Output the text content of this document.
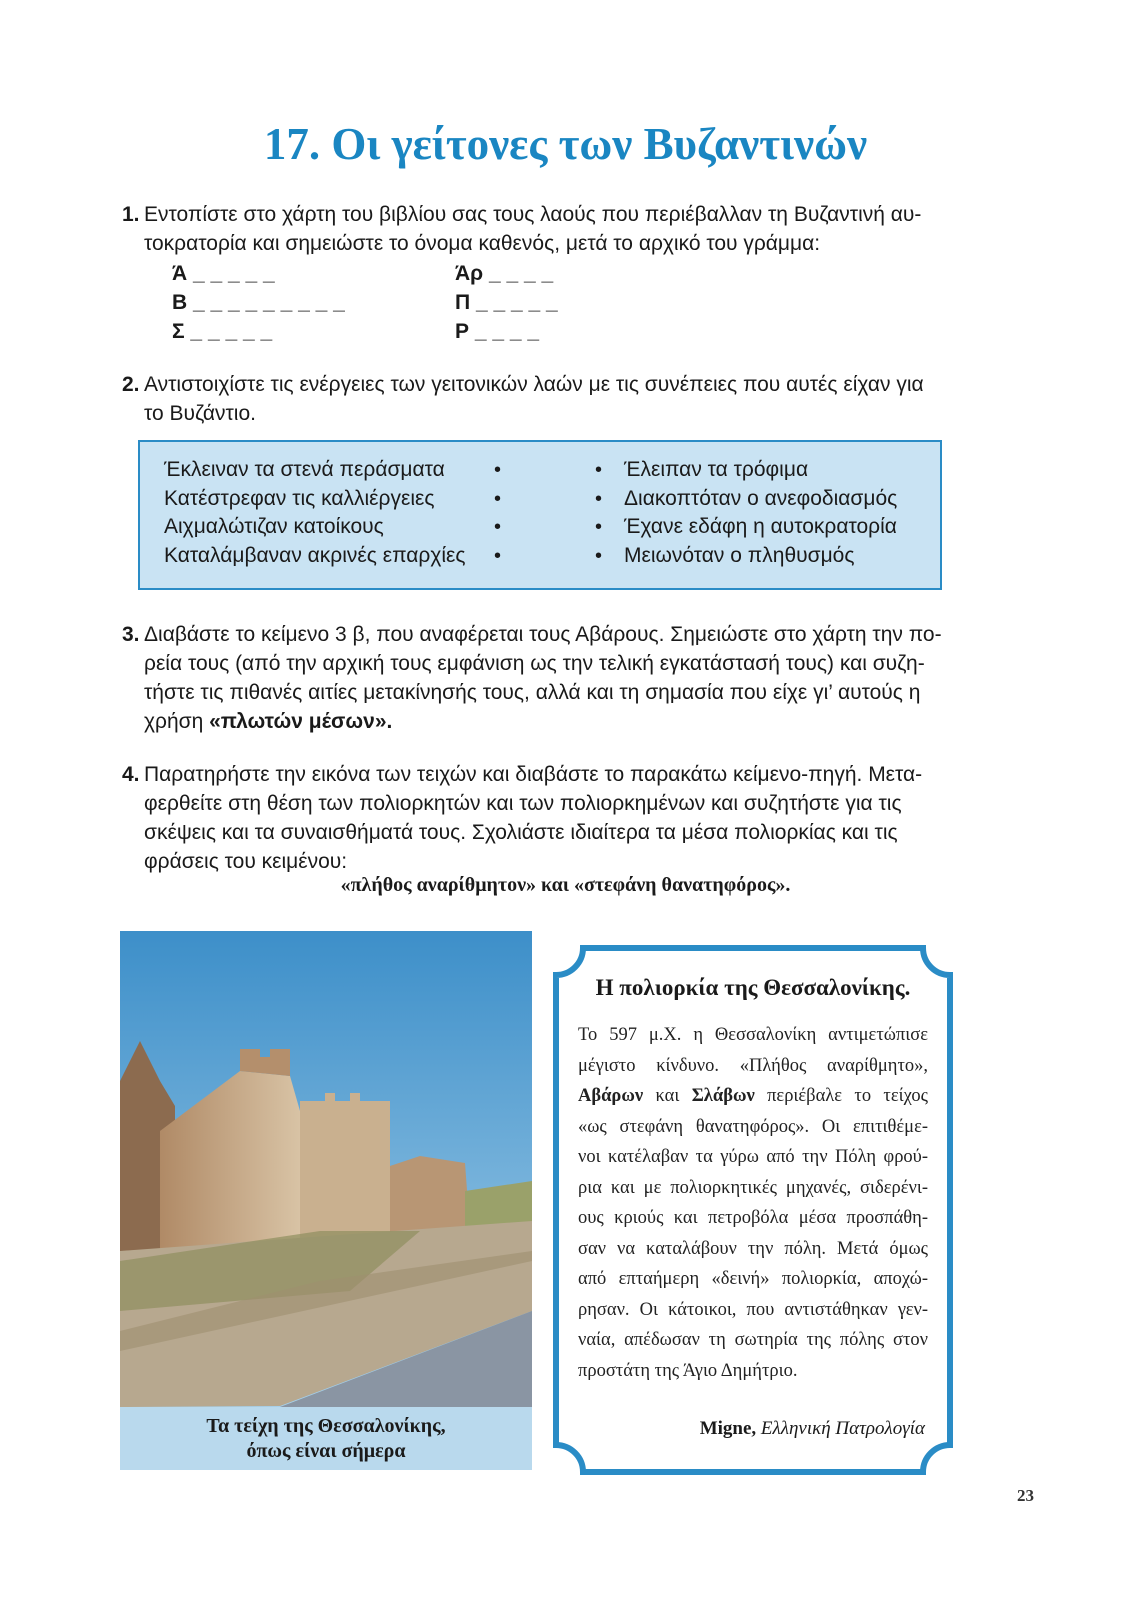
17. Οι γείτονες των Βυζαντινών
1. Εντοπίστε στο χάρτη του βιβλίου σας τους λαούς που περιέβαλλαν τη Βυζαντινή αυ-
τοκρατορία και σημειώστε το όνομα καθενός, μετά το αρχικό του γράμμα:
Ά _ _ _ _ _
Β _ _ _ _ _ _ _ _ _
Σ _ _ _ _ _
Άρ _ _ _ _
Π _ _ _ _ _
Ρ _ _ _ _
2. Αντιστοιχίστε τις ενέργειες των γειτονικών λαών με τις συνέπειες που αυτές είχαν για
το Βυζάντιο.
Έκλειναν τα στενά περάσματα
Κατέστρεφαν τις καλλιέργειες
Αιχμαλώτιζαν κατοίκους
Καταλάμβαναν ακρινές επαρχίες
•
•
•
•
•
•
•
•
Έλειπαν τα τρόφιμα
Διακοπτόταν ο ανεφοδιασμός
Έχανε εδάφη η αυτοκρατορία
Μειωνόταν ο πληθυσμός
3. Διαβάστε το κείμενο 3 β, που αναφέρεται τους Αβάρους. Σημειώστε στο χάρτη την πο-
ρεία τους (από την αρχική τους εμφάνιση ως την τελική εγκατάστασή τους) και συζη-
τήστε τις πιθανές αιτίες μετακίνησής τους, αλλά και τη σημασία που είχε γι’ αυτούς η
χρήση «πλωτών μέσων».
4. Παρατηρήστε την εικόνα των τειχών και διαβάστε το παρακάτω κείμενο-πηγή. Μετα-
φερθείτε στη θέση των πολιορκητών και των πολιορκημένων και συζητήστε για τις
σκέψεις και τα συναισθήματά τους. Σχολιάστε ιδιαίτερα τα μέσα πολιορκίας και τις
φράσεις του κειμένου:
«πλήθος αναρίθμητον» και «στεφάνη θανατηφόρος».
Τα τείχη της Θεσσαλονίκης,
όπως είναι σήμερα
Η πολιορκία της Θεσσαλονίκης.
Το 597 μ.Χ. η Θεσσαλονίκη αντιμετώπισε
μέγιστο κίνδυνο. «Πλήθος αναρίθμητο»,
Αβάρων και Σλάβων περιέβαλε το τείχος
«ως στεφάνη θανατηφόρος». Οι επιτιθέμε-
νοι κατέλαβαν τα γύρω από την Πόλη φρού-
ρια και με πολιορκητικές μηχανές, σιδερένι-
ους κριούς και πετροβόλα μέσα προσπάθη-
σαν να καταλάβουν την πόλη. Μετά όμως
από επταήμερη «δεινή» πολιορκία, αποχώ-
ρησαν. Οι κάτοικοι, που αντιστάθηκαν γεν-
ναία, απέδωσαν τη σωτηρία της πόλης στον
προστάτη της Άγιο Δημήτριο.
Migne, Ελληνική Πατρολογία
23
